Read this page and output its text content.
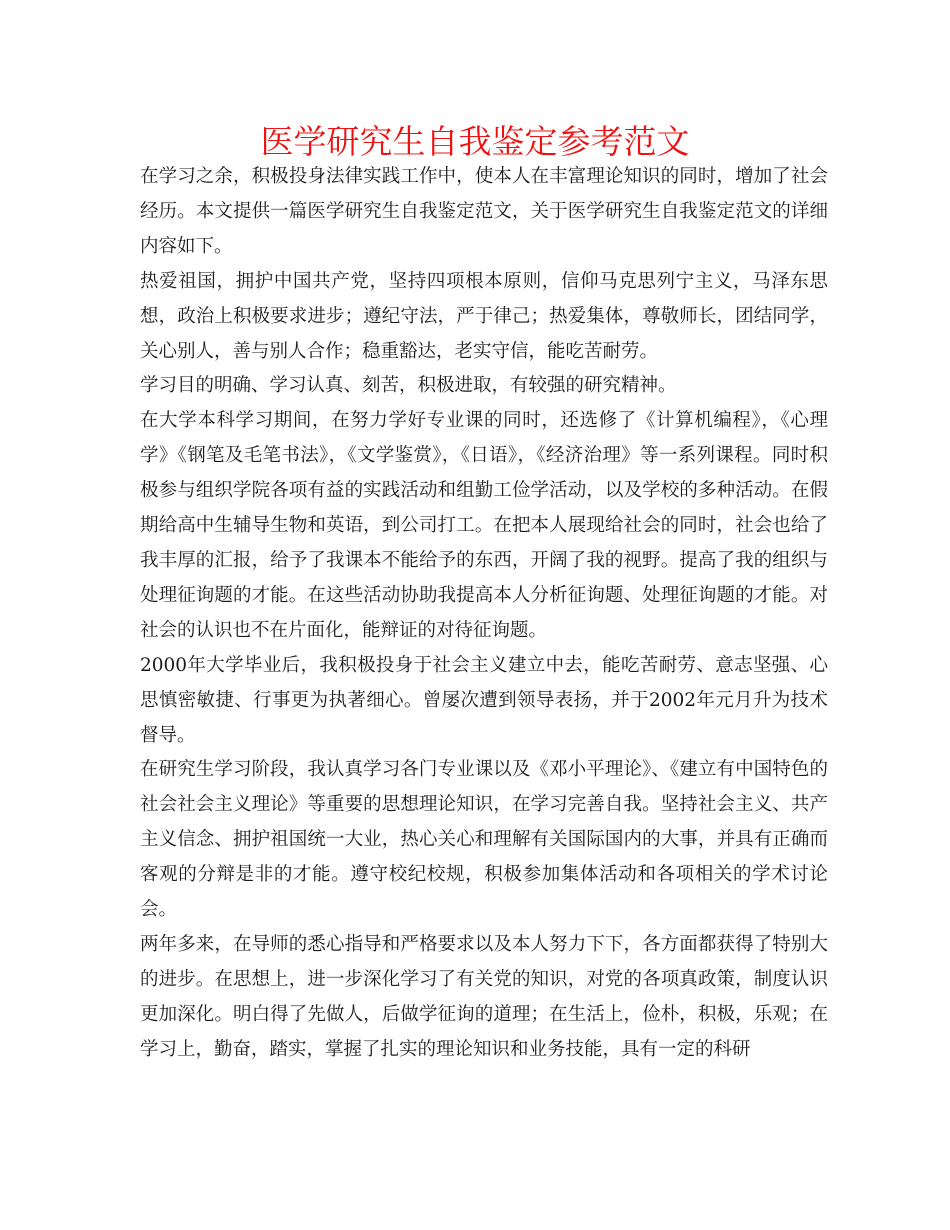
医学研究生自我鉴定参考范文

在学习之余，积极投身法律实践工作中，使本人在丰富理论知识的同时，增加了社会经历。本文提供一篇医学研究生自我鉴定范文，关于医学研究生自我鉴定范文的详细内容如下。

热爱祖国，拥护中国共产党，坚持四项根本原则，信仰马克思列宁主义，马泽东思想，政治上积极要求进步；遵纪守法，严于律己；热爱集体，尊敬师长，团结同学，关心别人，善与别人合作；稳重豁达，老实守信，能吃苦耐劳。

学习目的明确、学习认真、刻苦，积极进取，有较强的研究精神。

在大学本科学习期间，在努力学好专业课的同时，还选修了《计算机编程》，《心理学》《钢笔及毛笔书法》，《文学鉴赏》，《日语》，《经济治理》等一系列课程。同时积极参与组织学院各项有益的实践活动和组勤工俭学活动，以及学校的多种活动。在假期给高中生辅导生物和英语，到公司打工。在把本人展现给社会的同时，社会也给了我丰厚的汇报，给予了我课本不能给予的东西，开阔了我的视野。提高了我的组织与处理征询题的才能。在这些活动协助我提高本人分析征询题、处理征询题的才能。对社会的认识也不在片面化，能辩证的对待征询题。

2000年大学毕业后，我积极投身于社会主义建立中去，能吃苦耐劳、意志坚强、心思慎密敏捷、行事更为执著细心。曾屡次遭到领导表扬，并于2002年元月升为技术督导。

在研究生学习阶段，我认真学习各门专业课以及《邓小平理论》、《建立有中国特色的社会社会主义理论》等重要的思想理论知识，在学习完善自我。坚持社会主义、共产主义信念、拥护祖国统一大业，热心关心和理解有关国际国内的大事，并具有正确而客观的分辩是非的才能。遵守校纪校规，积极参加集体活动和各项相关的学术讨论会。

两年多来，在导师的悉心指导和严格要求以及本人努力下下，各方面都获得了特别大的进步。在思想上，进一步深化学习了有关党的知识，对党的各项真政策，制度认识更加深化。明白得了先做人，后做学征询的道理；在生活上，俭朴，积极，乐观；在学习上，勤奋，踏实，掌握了扎实的理论知识和业务技能，具有一定的科研
